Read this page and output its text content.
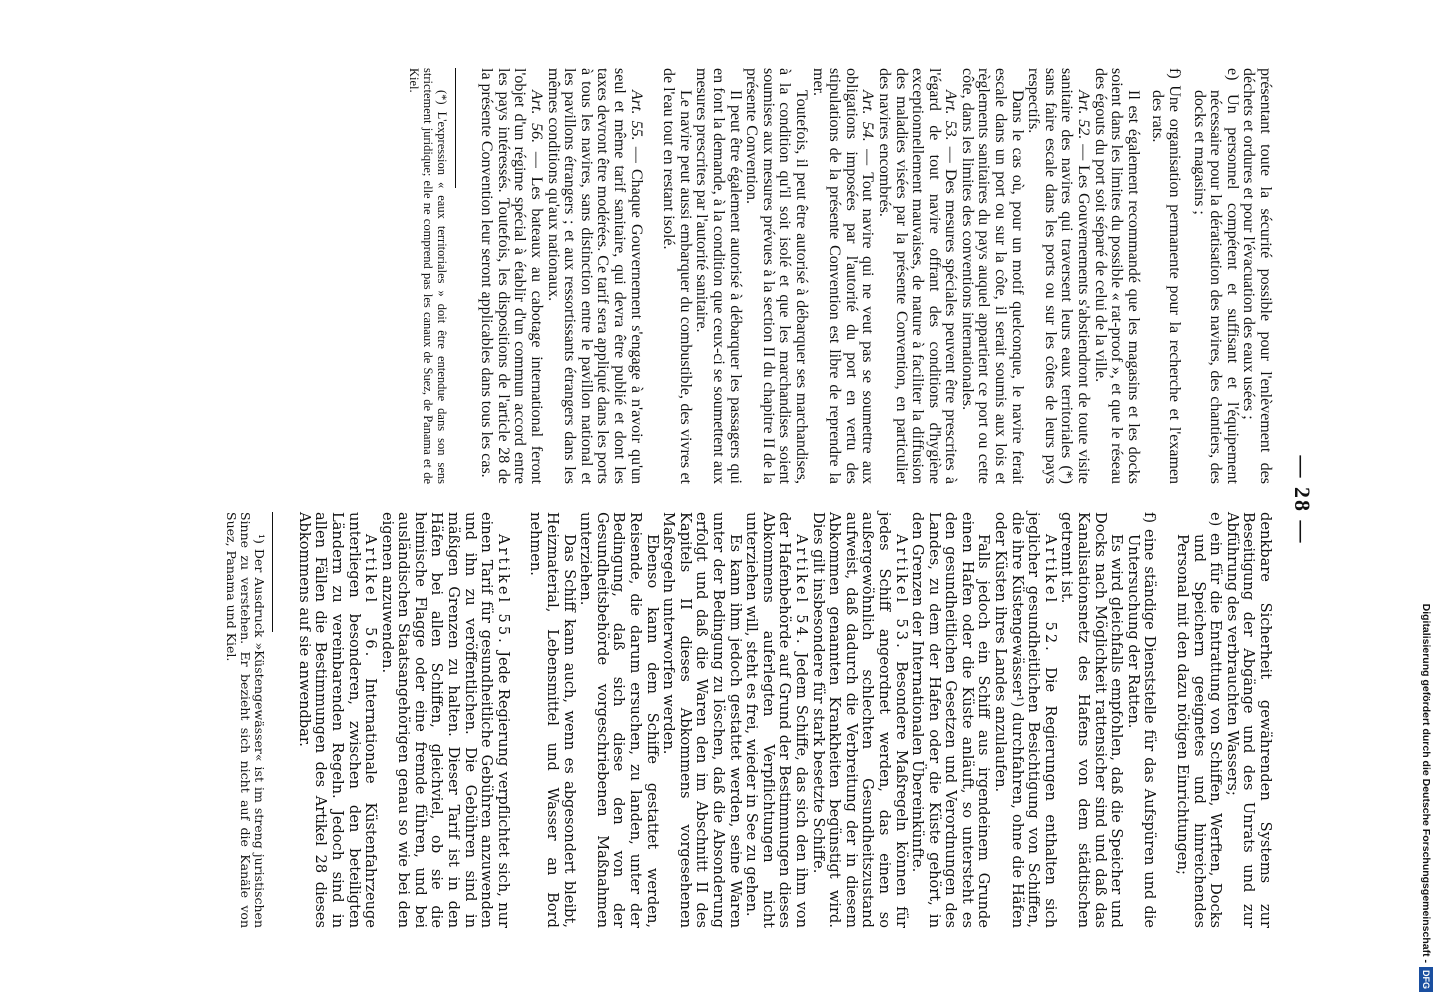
— 28 —

présentant toute la sécurité possible pour l'enlèvement des déchets et ordures et pour l'évacuation des eaux usées ;

e) Un personnel compétent et suffisant et l'équipement nécessaire pour la dératisation des navires, des chantiers, des docks et magasins ;

f) Une organisation permanente pour la recherche et l'examen des rats.

Il est également recommandé que les magasins et les docks soient dans les limites du possible « rat-proof », et que le réseau des égouts du port soit séparé de celui de la ville.

Art. 52. — Les Gouvernements s'abstiendront de toute visite sanitaire des navires qui traversent leurs eaux territoriales (*) sans faire escale dans les ports ou sur les côtes de leurs pays respectifs.

Dans le cas où, pour un motif quelconque, le navire ferait escale dans un port ou sur la côte, il serait soumis aux lois et règlements sanitaires du pays auquel appartient ce port ou cette côte, dans les limites des conventions internationales.

Art. 53. — Des mesures spéciales peuvent être prescrites à l'égard de tout navire offrant des conditions d'hygiène exceptionnellement mauvaises, de nature à faciliter la diffusion des maladies visées par la présente Convention, en particulier des navires encombrés.

Art. 54. — Tout navire qui ne veut pas se soumettre aux obligations imposées par l'autorité du port en vertu des stipulations de la présente Convention est libre de reprendre la mer.

Toutefois, il peut être autorisé à débarquer ses marchandises, à la condition qu'il soit isolé et que les marchandises soient soumises aux mesures prévues à la section II du chapitre II de la présente Convention.

Il peut être également autorisé à débarquer les passagers qui en font la demande, à la condition que ceux-ci se soumettent aux mesures prescrites par l'autorité sanitaire.

Le navire peut aussi embarquer du combustible, des vivres et de l'eau tout en restant isolé.

Art. 55. — Chaque Gouvernement s'engage à n'avoir qu'un seul et même tarif sanitaire, qui devra être publié et dont les taxes devront être modérées. Ce tarif sera appliqué dans les ports à tous les navires, sans distinction entre le pavillon national et les pavillons étrangers ; et aux ressortissants étrangers dans les mêmes conditions qu'aux nationaux.

Art. 56. — Les bateaux au cabotage international feront l'objet d'un régime spécial à établir d'un commun accord entre les pays intéressés. Toutefois, les dispositions de l'article 28 de la présente Convention leur seront applicables dans tous les cas.

(*) L'expression « eaux territoriales » doit être entendue dans son sens strictement juridique; elle ne comprend pas les canaux de Suez, de Panama et de Kiel.

denkbare Sicherheit gewährenden Systems zur Beseitigung der Abgänge und des Unrats und zur Abführung des verbrauchten Wassers;

e) ein für die Entrattung von Schiffen, Werften, Docks und Speichern geeignetes und hinreichendes Personal mit den dazu nötigen Einrichtungen;

f) eine ständige Dienststelle für das Aufspüren und die Untersuchung der Ratten.

Es wird gleichfalls empfohlen, daß die Speicher und Docks nach Möglichkeit rattensicher sind und daß das Kanalisationsnetz des Hafens von dem städtischen getrennt ist.

Artikel 52. Die Regierungen enthalten sich jeglicher gesundheitlichen Besichtigung von Schiffen, die ihre Küstengewässer¹) durchfahren, ohne die Häfen oder Küsten ihres Landes anzulaufen.

Falls jedoch ein Schiff aus irgendeinem Grunde einen Hafen oder die Küste anläuft, so untersteht es den gesundheitlichen Gesetzen und Verordnungen des Landes, zu dem der Hafen oder die Küste gehört, in den Grenzen der Internationalen Übereinkünfte.

Artikel 53. Besondere Maßregeln können für jedes Schiff angeordnet werden, das einen so außergewöhnlich schlechten Gesundheitszustand aufweist, daß dadurch die Verbreitung der in diesem Abkommen genannten Krankheiten begünstigt wird. Dies gilt insbesondere für stark besetzte Schiffe.

Artikel 54. Jedem Schiffe, das sich den ihm von der Hafenbehörde auf Grund der Bestimmungen dieses Abkommens auferlegten Verpflichtungen nicht unterziehen will, steht es frei, wieder in See zu gehen.

Es kann ihm jedoch gestattet werden, seine Waren unter der Bedingung zu löschen, daß die Absonderung erfolgt und daß die Waren den im Abschnitt II des Kapitels II dieses Abkommens vorgesehenen Maßregeln unterworfen werden.

Ebenso kann dem Schiffe gestattet werden, Reisende, die darum ersuchen, zu landen, unter der Bedingung, daß sich diese den von der Gesundheitsbehörde vorgeschriebenen Maßnahmen unterziehen.

Das Schiff kann auch, wenn es abgesondert bleibt, Heizmaterial, Lebensmittel und Wasser an Bord nehmen.

Artikel 55. Jede Regierung verpflichtet sich, nur einen Tarif für gesundheitliche Gebühren anzuwenden und ihn zu veröffentlichen. Die Gebühren sind in mäßigen Grenzen zu halten. Dieser Tarif ist in den Häfen bei allen Schiffen, gleichviel, ob sie die heimische Flagge oder eine fremde führen, und bei ausländischen Staatsangehörigen genau so wie bei den eigenen anzuwenden.

Artikel 56. Internationale Küstenfahrzeuge unterliegen besonderen, zwischen den beteiligten Ländern zu vereinbarenden Regeln. Jedoch sind in allen Fällen die Bestimmungen des Artikel 28 dieses Abkommens auf sie anwendbar.

¹) Der Ausdruck »Küstengewässer« ist im streng juristischen Sinne zu verstehen. Er bezieht sich nicht auf die Kanäle von Suez, Panama und Kiel.

Digitalisierung gefördert durch die Deutsche Forschungsgemeinschaft -DFG
